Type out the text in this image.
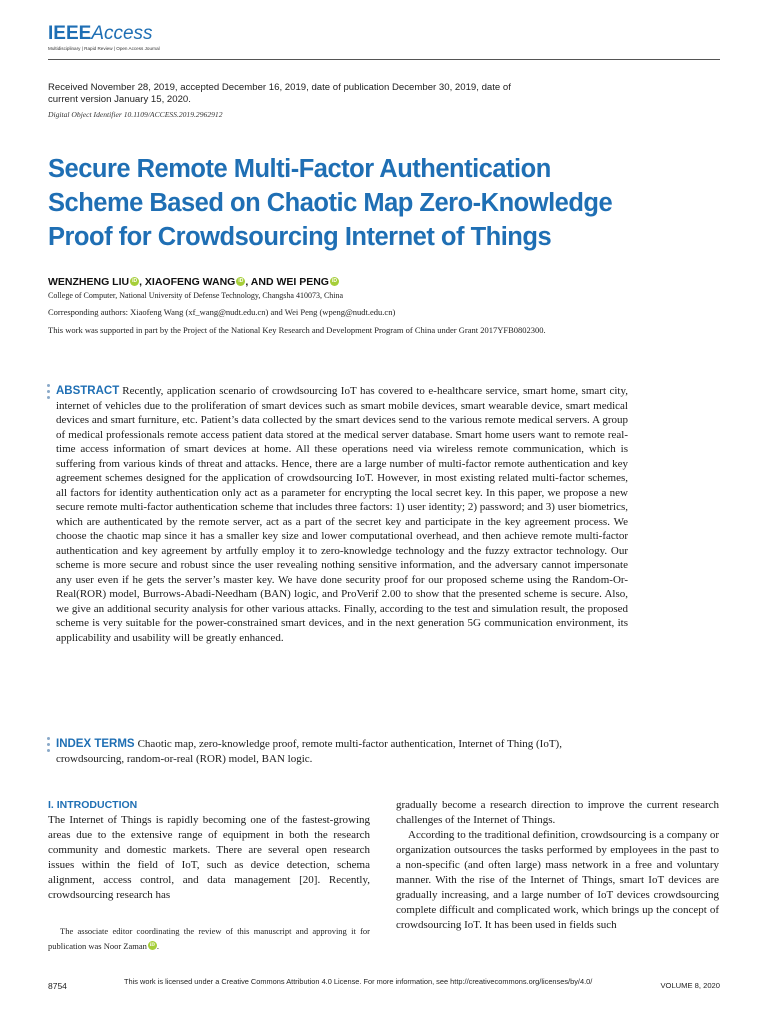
IEEEAccess
Multidisciplinary | Rapid Review | Open Access Journal
Received November 28, 2019, accepted December 16, 2019, date of publication December 30, 2019, date of current version January 15, 2020.
Digital Object Identifier 10.1109/ACCESS.2019.2962912
Secure Remote Multi-Factor Authentication Scheme Based on Chaotic Map Zero-Knowledge Proof for Crowdsourcing Internet of Things
WENZHENG LIU iD , XIAOFENG WANG iD , AND WEI PENG iD
College of Computer, National University of Defense Technology, Changsha 410073, China
Corresponding authors: Xiaofeng Wang (xf_wang@nudt.edu.cn) and Wei Peng (wpeng@nudt.edu.cn)
This work was supported in part by the Project of the National Key Research and Development Program of China under Grant 2017YFB0802300.
ABSTRACT Recently, application scenario of crowdsourcing IoT has covered to e-healthcare service, smart home, smart city, internet of vehicles due to the proliferation of smart devices such as smart mobile devices, smart wearable device, smart medical devices and smart furniture, etc. Patient’s data collected by the smart devices send to the various remote medical servers. A group of medical professionals remote access patient data stored at the medical server database. Smart home users want to remote real-time access information of smart devices at home. All these operations need via wireless remote communication, which is suffering from various kinds of threat and attacks. Hence, there are a large number of multi-factor remote authentication and key agreement schemes designed for the application of crowdsourcing IoT. However, in most existing related multi-factor schemes, all factors for identity authentication only act as a parameter for encrypting the local secret key. In this paper, we propose a new secure remote multi-factor authentication scheme that includes three factors: 1) user identity; 2) password; and 3) user biometrics, which are authenticated by the remote server, act as a part of the secret key and participate in the key agreement process. We choose the chaotic map since it has a smaller key size and lower computational overhead, and then achieve remote multi-factor authentication and key agreement by artfully employ it to zero-knowledge technology and the fuzzy extractor technology. Our scheme is more secure and robust since the user revealing nothing sensitive information, and the adversary cannot impersonate any user even if he gets the server’s master key. We have done security proof for our proposed scheme using the Random-Or-Real(ROR) model, Burrows-Abadi-Needham (BAN) logic, and ProVerif 2.00 to show that the presented scheme is secure. Also, we give an additional security analysis for other various attacks. Finally, according to the test and simulation result, the proposed scheme is very suitable for the power-constrained smart devices, and in the next generation 5G communication environment, its applicability and usability will be greatly enhanced.
INDEX TERMS Chaotic map, zero-knowledge proof, remote multi-factor authentication, Internet of Thing (IoT), crowdsourcing, random-or-real (ROR) model, BAN logic.
I. INTRODUCTION

The Internet of Things is rapidly becoming one of the fastest-growing areas due to the extensive range of equipment in both the research community and domestic markets. There are several open research issues within the field of IoT, such as device detection, schema alignment, access control, and data management [20]. Recently, crowdsourcing research has

The associate editor coordinating the review of this manuscript and approving it for publication was Noor Zaman iD .

gradually become a research direction to improve the current research challenges of the Internet of Things.

According to the traditional definition, crowdsourcing is a company or organization outsources the tasks performed by employees in the past to a non-specific (and often large) mass network in a free and voluntary manner. With the rise of the Internet of Things, smart IoT devices are gradually increasing, and a large number of IoT devices crowdsourcing complete difficult and complicated work, which brings up the concept of crowdsourcing IoT. It has been used in fields such

8754	This work is licensed under a Creative Commons Attribution 4.0 License. For more information, see http://creativecommons.org/licenses/by/4.0/	VOLUME 8, 2020
